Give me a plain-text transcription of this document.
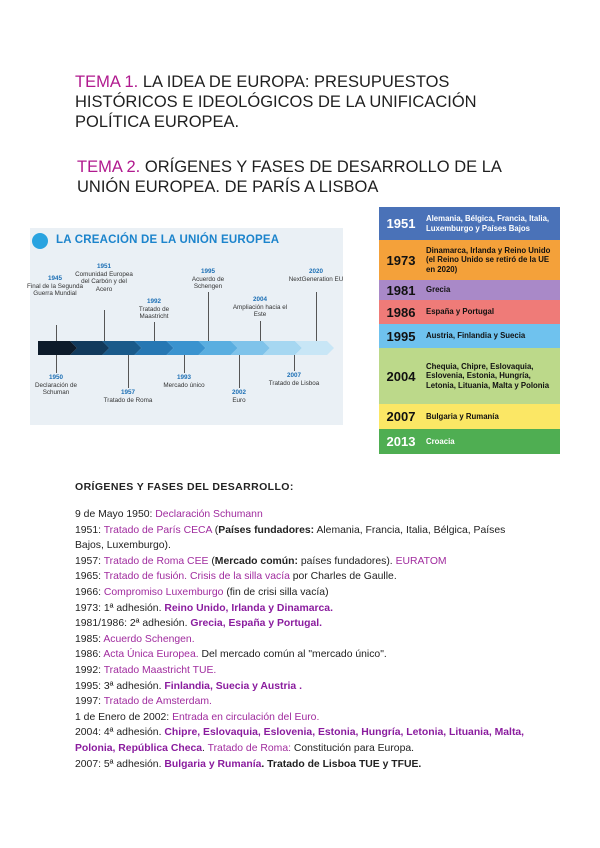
TEMA 1. LA IDEA DE EUROPA: PRESUPUESTOS HISTÓRICOS E IDEOLÓGICOS DE LA UNIFICACIÓN POLÍTICA EUROPEA.
TEMA 2. ORÍGENES Y FASES DE DESARROLLO DE LA UNIÓN EUROPEA. DE PARÍS A LISBOA
LA CREACIÓN DE LA UNIÓN EUROPEA
1945
Final de la Segunda Guerra Mundial
1951
Comunidad Europea del Carbón y del Acero
1992
Tratado de Maastricht
1995
Acuerdo de Schengen
2004
Ampliación hacia el Este
2020
NextGeneration EU
1950
Declaración de Schuman	1957
Tratado de Roma
1993
Mercado único
2002
Euro
2007
Tratado de Lisboa
1951	Alemania, Bélgica, Francia, Italia, Luxemburgo y Países Bajos
1973	Dinamarca, Irlanda y Reino Unido (el Reino Unido se retiró de la UE en 2020)
1981	Grecia
1986	España y Portugal
1995	Austria, Finlandia y Suecia
2004	Chequia, Chipre, Eslovaquia, Eslovenia, Estonia, Hungría, Letonia, Lituania, Malta y Polonia
2007	Bulgaria y Rumanía
2013	Croacia
ORÍGENES Y FASES DEL DESARROLLO:

9 de Mayo 1950: Declaración Schumann

1951: Tratado de París CECA (Países fundadores: Alemania, Francia, Italia, Bélgica, Países Bajos, Luxemburgo).

1957: Tratado de Roma CEE (Mercado común: países fundadores). EURATOM

1965: Tratado de fusión. Crisis de la silla vacía por Charles de Gaulle.

1966: Compromiso Luxemburgo (fin de crisi silla vacía)

1973: 1ª adhesión. Reino Unido, Irlanda y Dinamarca.

1981/1986: 2ª adhesión. Grecia, España y Portugal.

1985: Acuerdo Schengen.

1986: Acta Única Europea. Del mercado común al "mercado único".

1992: Tratado Maastricht TUE.

1995: 3ª adhesión. Finlandia, Suecia y Austria .

1997: Tratado de Amsterdam.

1 de Enero de 2002: Entrada en circulación del Euro.

2004: 4ª adhesión. Chipre, Eslovaquia, Eslovenia, Estonia, Hungría, Letonia, Lituania, Malta, Polonia, República Checa. Tratado de Roma: Constitución para Europa.

2007: 5ª adhesión. Bulgaria y Rumanía. Tratado de Lisboa TUE y TFUE.
